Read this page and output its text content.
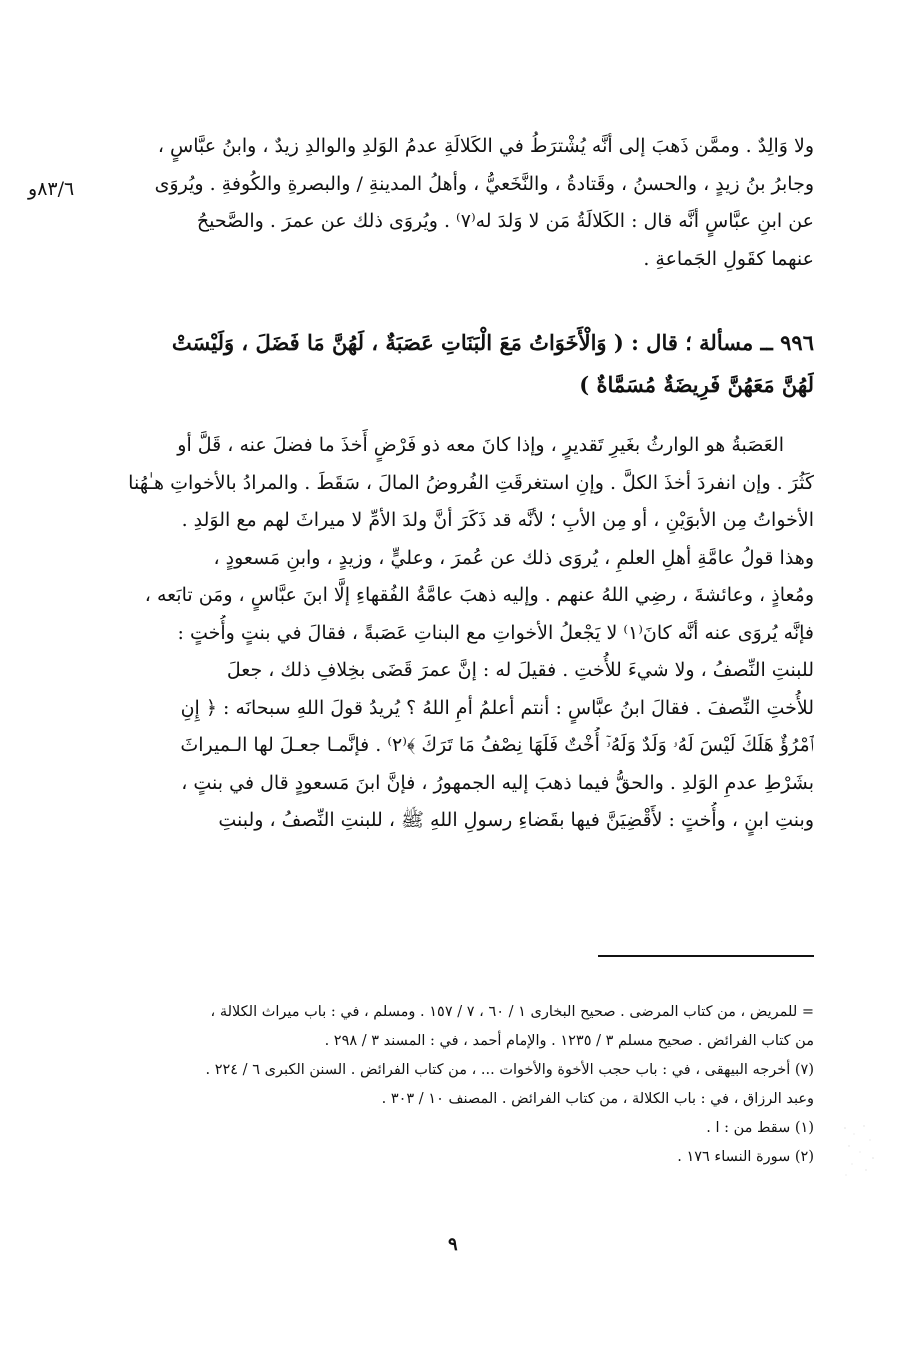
٨٣/٦و
ولا وَالِدٌ . وممَّن ذَهبَ إلى أنَّه يُشْترَطُ في الكَلالَةِ عدمُ الوَلدِ والوالدِ زيدٌ ، وابنُ عبَّاسٍ ،
وجابرُ بنُ زيدٍ ، والحسنُ ، وقَتادةُ ، والنَّخَعيُّ ، وأهلُ المدينةِ / والبصرةِ والكُوفةِ . ويُروَى
عن ابنِ عبَّاسٍ أنَّه قال : الكَلالَةُ مَن لا وَلدَ له⁽٧⁾ . ويُروَى ذلك عن عمرَ . والصَّحيحُ
عنهما كقَولِ الجَماعةِ .
٩٩٦ ــ مسألة ؛ قال : ( وَالْأَخَوَاتُ مَعَ الْبَنَاتِ عَصَبَةٌ ، لَهُنَّ مَا فَضَلَ ، وَلَيْسَتْ
لَهُنَّ مَعَهُنَّ فَرِيضَةٌ مُسَمَّاةٌ )
العَصَبةُ هو الوارثُ بغَيرِ تَقديرٍ ، وإذا كانَ معه ذو فَرْضٍ أَخذَ ما فضلَ عنه ، قَلَّ أو
كَثُرَ . وإن انفردَ أخذَ الكلَّ . وإنِ استغرقَتِ الفُروضُ المالَ ، سَقَطَ . والمرادُ بالأخواتِ هـٰهُنا
الأخواتُ مِن الأبوَيْنِ ، أو مِن الأبِ ؛ لأنَّه قد ذَكَرَ أنَّ ولدَ الأمِّ لا ميراثَ لهم مع الوَلدِ .
وهذا قولُ عامَّةِ أهلِ العلمِ ، يُروَى ذلك عن عُمرَ ، وعليٍّ ، وزيدٍ ، وابنِ مَسعودٍ ،
ومُعاذٍ ، وعائشةَ ، رضِي اللهُ عنهم . وإليه ذهبَ عامَّةُ الفُقهاءِ إلَّا ابنَ عبَّاسٍ ، ومَن تابَعه ،
فإنَّه يُروَى عنه أنَّه كانَ⁽١⁾ لا يَجْعلُ الأخواتِ مع البناتِ عَصَبةً ، فقالَ في بنتٍ وأُختٍ :
للبنتِ النِّصفُ ، ولا شيءَ للأُختِ . فقيلَ له : إنَّ عمرَ قَضَى بخِلافِ ذلك ، جعلَ
للأُختِ النِّصفَ . فقالَ ابنُ عبَّاسٍ : أنتم أعلمُ أمِ اللهُ ؟ يُريدُ قولَ اللهِ سبحانَه : ﴿ إِنِ
ٱمْرُؤٌ هَلَكَ لَيْسَ لَهُۥ وَلَدٌ وَلَهُۥٓ أُخْتٌ فَلَهَا نِصْفُ مَا تَرَكَ ﴾⁽٢⁾ . فإنَّمـا جعـلَ لها الـميراثَ
بشَرْطِ عدمِ الوَلدِ . والحقُّ فيما ذهبَ إليه الجمهورُ ، فإنَّ ابنَ مَسعودٍ قال في بنتٍ ،
وبنتِ ابنٍ ، وأُختٍ : لأَقْضِيَنَّ فيها بقَضاءِ رسولِ اللهِ ﷺ ، للبنتِ النِّصفُ ، ولبنتِ
= للمريض ، من كتاب المرضى . صحيح البخارى ١ / ٦٠ ، ٧ / ١٥٧ . ومسلم ، في : باب ميراث الكلالة ،
من كتاب الفرائض . صحيح مسلم ٣ / ١٢٣٥ . والإمام أحمد ، في : المسند ٣ / ٢٩٨ .
(٧) أخرجه البيهقى ، في : باب حجب الأخوة والأخوات ... ، من كتاب الفرائض . السنن الكبرى ٦ / ٢٢٤ .
وعبد الرزاق ، في : باب الكلالة ، من كتاب الفرائض . المصنف ١٠ / ٣٠٣ .
(١) سقط من : ا .
(٢) سورة النساء ١٧٦ .
٩
